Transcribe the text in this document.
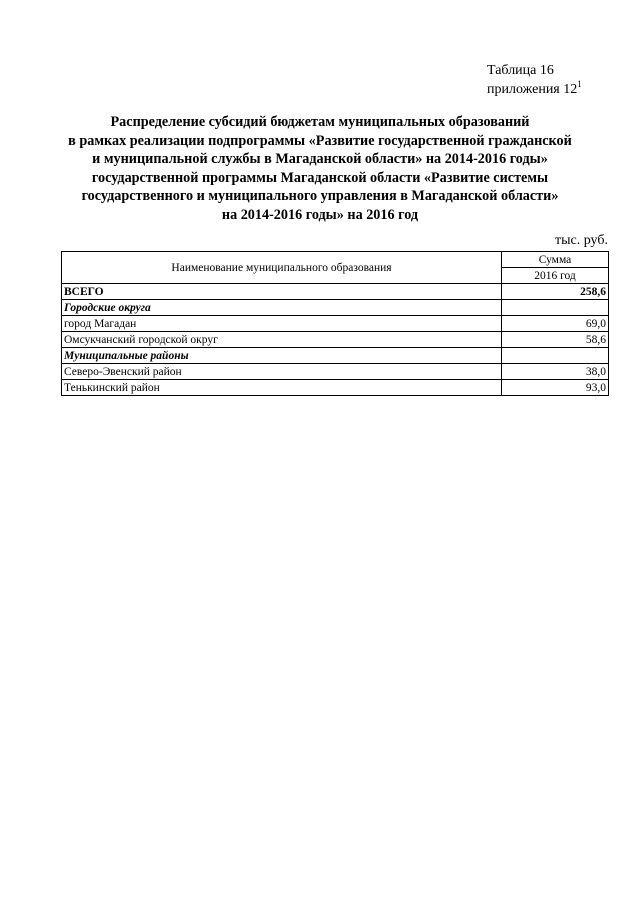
Таблица 16
приложения $12^1$
Распределение субсидий бюджетам муниципальных образований
в рамках реализации подпрограммы «Развитие государственной гражданской
и муниципальной службы в Магаданской области» на 2014-2016 годы»
государственной программы Магаданской области «Развитие системы
государственного и муниципального управления в Магаданской области»
на 2014-2016 годы» на 2016 год
тыс. руб.
Наименование муниципального образования	Сумма
	2016 год
ВСЕГО	258,6
Городские округа	
город Магадан	69,0
Омсукчанский городской округ	58,6
Муниципальные районы	
Северо-Эвенский район	38,0
Тенькинский район	93,0
